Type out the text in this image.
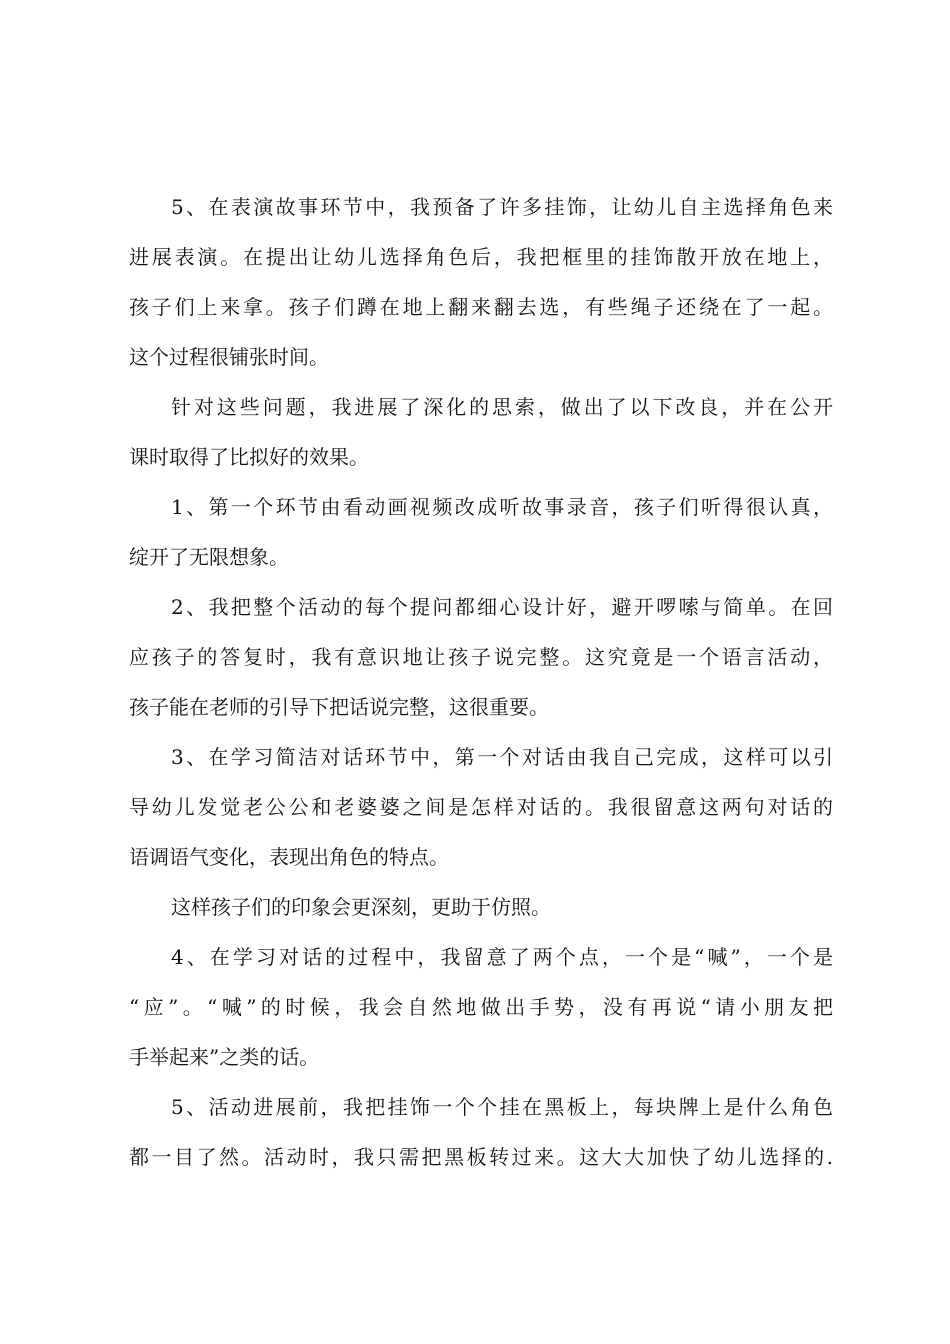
5、在表演故事环节中，我预备了许多挂饰，让幼儿自主选择角色来
进展表演。在提出让幼儿选择角色后，我把框里的挂饰散开放在地上，
孩子们上来拿。孩子们蹲在地上翻来翻去选，有些绳子还绕在了一起。
这个过程很铺张时间。
针对这些问题，我进展了深化的思索，做出了以下改良，并在公开
课时取得了比拟好的效果。
1、第一个环节由看动画视频改成听故事录音，孩子们听得很认真，
绽开了无限想象。
2、我把整个活动的每个提问都细心设计好，避开啰嗦与简单。在回
应孩子的答复时，我有意识地让孩子说完整。这究竟是一个语言活动，
孩子能在老师的引导下把话说完整，这很重要。
3、在学习简洁对话环节中，第一个对话由我自己完成，这样可以引
导幼儿发觉老公公和老婆婆之间是怎样对话的。我很留意这两句对话的
语调语气变化，表现出角色的特点。
这样孩子们的印象会更深刻，更助于仿照。
4、在学习对话的过程中，我留意了两个点，一个是“喊”，一个是
“应”。“喊”的时候，我会自然地做出手势，没有再说“请小朋友把
手举起来”之类的话。
5、活动进展前，我把挂饰一个个挂在黑板上，每块牌上是什么角色
都一目了然。活动时，我只需把黑板转过来。这大大加快了幼儿选择的.
